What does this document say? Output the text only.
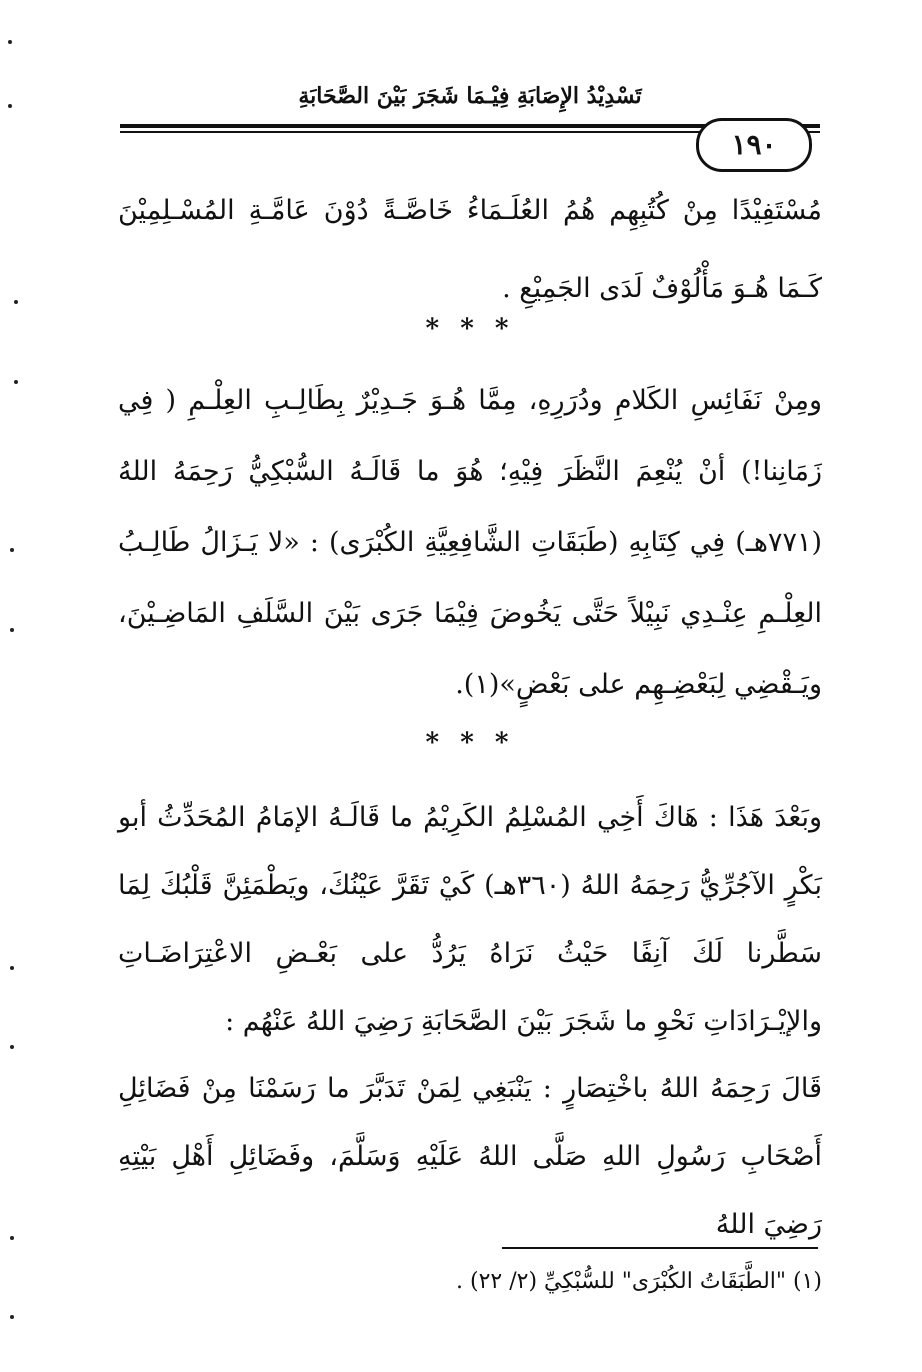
تَسْدِيْدُ الإِصَابَةِ فِيْـمَا شَجَرَ بَيْنَ الصَّحَابَةِ
١٩٠
مُسْتَفِيْدًا مِنْ كُتُبِهِم هُمُ العُلَـمَاءُ خَاصَّـةً دُوْنَ عَامَّـةِ المُسْـلِمِيْنَ كَـمَا هُـوَ مَأْلُوْفٌ لَدَى الجَمِيْعِ .
* * *
ومِنْ نَفَائِسِ الكَلامِ ودُرَرِهِ، مِمَّا هُـوَ جَـدِيْرٌ بِطَالِـبِ العِلْـمِ ( فِي زَمَانِنا!) أنْ يُنْعِمَ النَّظَرَ فِيْهِ؛ هُوَ ما قَالَـهُ السُّبْكِيُّ رَحِمَهُ اللهُ (٧٧١هـ) فِي كِتَابِهِ (طَبَقَاتِ الشَّافِعِيَّةِ الكُبْرَى) : «لا يَـزَالُ طَالِـبُ العِلْـمِ عِنْـدِي نَبِيْلاً حَتَّى يَخُوضَ فِيْمَا جَرَى بَيْنَ السَّلَفِ المَاضِـيْنَ، ويَـقْضِي لِبَعْضِـهِم على بَعْضٍ»(١).
* * *
وبَعْدَ هَذَا : هَاكَ أَخِي المُسْلِمُ الكَرِيْمُ ما قَالَـهُ الإمَامُ المُحَدِّثُ أبو بَكْرٍ الآجُرِّيُّ رَحِمَهُ اللهُ (٣٦٠هـ) كَيْ تَقَرَّ عَيْنُكَ، ويَطْمَئِنَّ قَلْبُكَ لِمَا سَطَّرنا لَكَ آنِفًا حَيْثُ نَرَاهُ يَرُدُّ على بَعْـضِ الاعْتِرَاضَـاتِ والإيْـرَادَاتِ نَحْوِ ما شَجَرَ بَيْنَ الصَّحَابَةِ رَضِيَ اللهُ عَنْهُم :
قَالَ رَحِمَهُ اللهُ باخْتِصَارٍ : يَنْبَغِي لِمَنْ تَدَبَّرَ ما رَسَمْنَا مِنْ فَضَائِلِ أَصْحَابِ رَسُولِ اللهِ صَلَّى اللهُ عَلَيْهِ وَسَلَّمَ، وفَضَائِلِ أَهْلِ بَيْتِهِ رَضِيَ اللهُ
(١) "الطَّبَقَاتُ الكُبْرَى" للسُّبْكِيِّ (٢/ ٢٢) .
